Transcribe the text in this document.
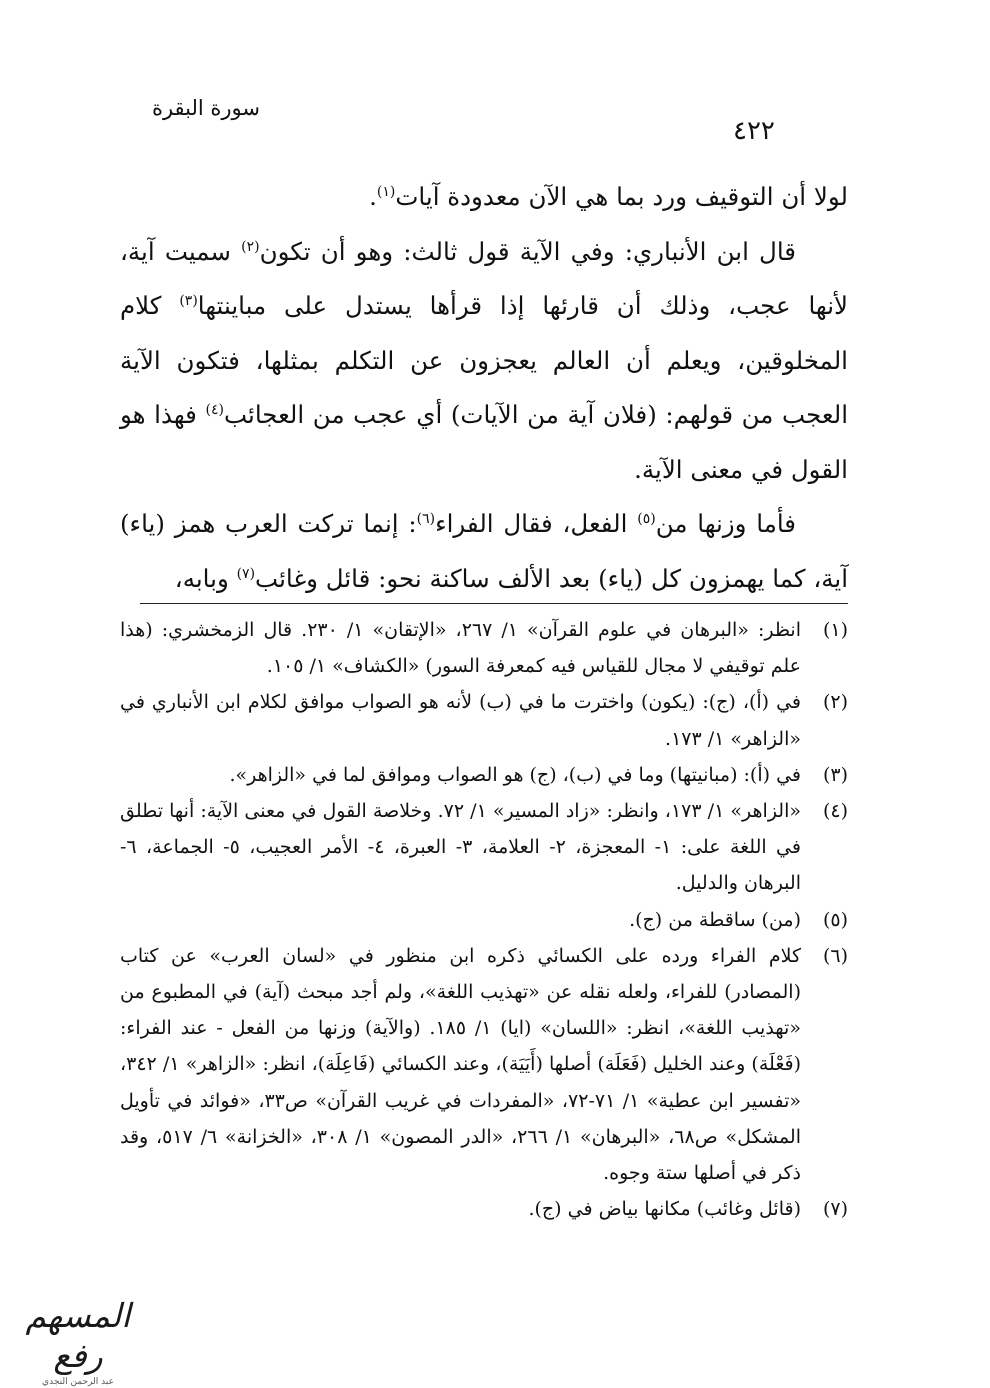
سورة البقرة
٤٢٢

لولا أن التوقيف ورد بما هي الآن معدودة آيات$^{(١)}$.

قال ابن الأنباري: وفي الآية قول ثالث: وهو أن تكون$^{(٢)}$ سميت آية، لأنها عجب، وذلك أن قارئها إذا قرأها يستدل على مباينتها$^{(٣)}$ كلام المخلوقين، ويعلم أن العالم يعجزون عن التكلم بمثلها، فتكون الآية العجب من قولهم: (فلان آية من الآيات) أي عجب من العجائب$^{(٤)}$ فهذا هو القول في معنى الآية.

فأما وزنها من$^{(٥)}$ الفعل، فقال الفراء$^{(٦)}$: إنما تركت العرب همز (ياء) آية، كما يهمزون كل (ياء) بعد الألف ساكنة نحو: قائل وغائب$^{(٧)}$ وبابه،

(١)
انظر: «البرهان في علوم القرآن» ١/ ٢٦٧، «الإتقان» ١/ ٢٣٠. قال الزمخشري: (هذا علم توقيفي لا مجال للقياس فيه كمعرفة السور) «الكشاف» ١/ ١٠٥.
(٢)
في (أ)، (ج): (يكون) واخترت ما في (ب) لأنه هو الصواب موافق لكلام ابن الأنباري في «الزاهر» ١/ ١٧٣.
(٣)
في (أ): (مبانيتها) وما في (ب)، (ج) هو الصواب وموافق لما في «الزاهر».
(٤)
«الزاهر» ١/ ١٧٣، وانظر: «زاد المسير» ١/ ٧٢. وخلاصة القول في معنى الآية: أنها تطلق في اللغة على: ١- المعجزة، ٢- العلامة، ٣- العبرة، ٤- الأمر العجيب، ٥- الجماعة، ٦- البرهان والدليل.
(٥)
(من) ساقطة من (ج).
(٦)
كلام الفراء ورده على الكسائي ذكره ابن منظور في «لسان العرب» عن كتاب (المصادر) للفراء، ولعله نقله عن «تهذيب اللغة»، ولم أجد مبحث (آية) في المطبوع من «تهذيب اللغة»، انظر: «اللسان» (ايا) ١/ ١٨٥. (والآية) وزنها من الفعل - عند الفراء: (فَعْلَة) وعند الخليل (فَعَلَة) أصلها (أَيَيَة)، وعند الكسائي (فَاعِلَة)، انظر: «الزاهر» ١/ ٣٤٢، «تفسير ابن عطية» ١/ ٧١-٧٢، «المفردات في غريب القرآن» ص٣٣، «فوائد في تأويل المشكل» ص٦٨، «البرهان» ١/ ٢٦٦، «الدر المصون» ١/ ٣٠٨، «الخزانة» ٦/ ٥١٧، وقد ذكر في أصلها ستة وجوه.
(٧)
(قائل وغائب) مكانها بياض في (ج).
المسهم رفع
عبد الرحمن النجدي
